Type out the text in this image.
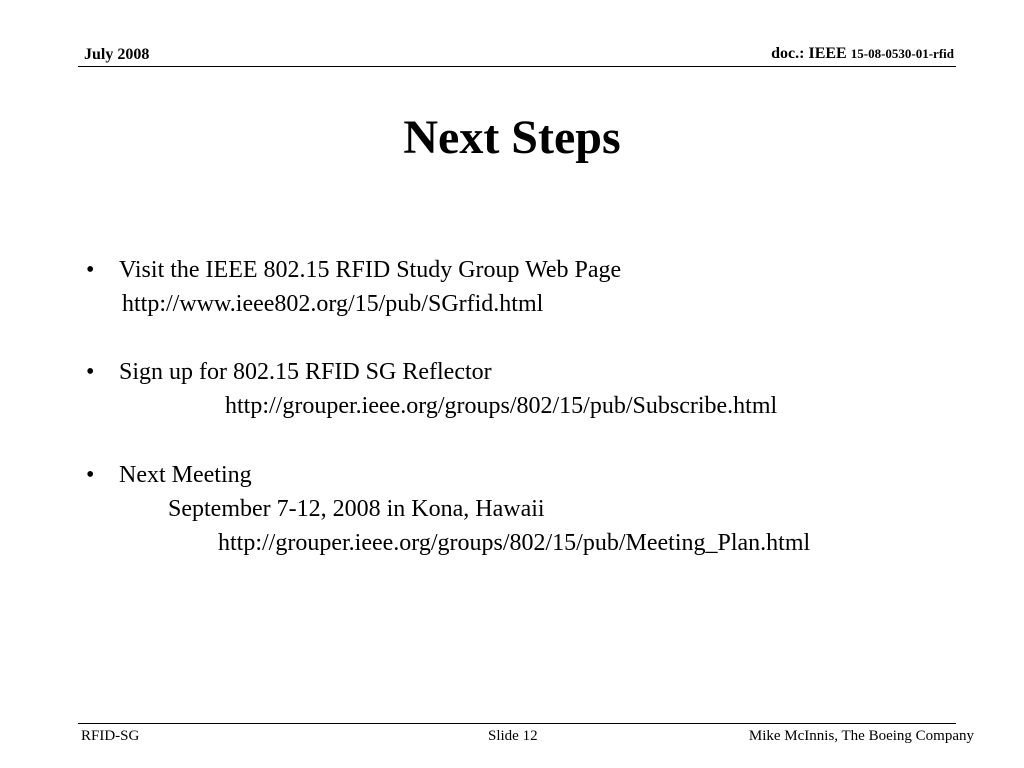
July 2008	doc.: IEEE 15-08-0530-01-rfid
Next Steps
• Visit the IEEE 802.15 RFID Study Group Web Page
http://www.ieee802.org/15/pub/SGrfid.html
• Sign up for 802.15 RFID SG Reflector
http://grouper.ieee.org/groups/802/15/pub/Subscribe.html
• Next Meeting
September 7-12, 2008 in Kona, Hawaii
http://grouper.ieee.org/groups/802/15/pub/Meeting_Plan.html
RFID-SG	Slide 12	Mike McInnis, The Boeing Company
